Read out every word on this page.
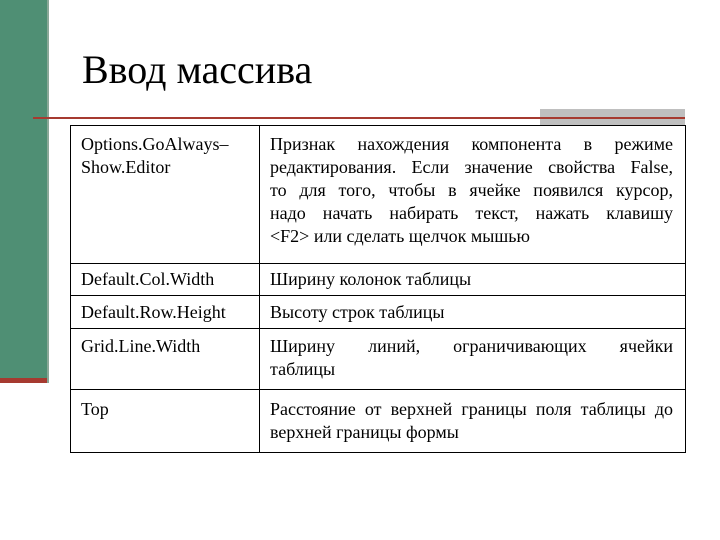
Ввод массива
Options.GoAlways–
Show.Editor	Признак нахождения компонента в режиме
редактирования. Если значение свойства False,
то для того, чтобы в ячейке появился курсор,
надо начать набирать текст, нажать клавишу
<F2> или сделать щелчок мышью

Default.Col.Width	Ширину колонок таблицы

Default.Row.Height	Высоту строк таблицы

Grid.Line.Width	Ширину линий, ограничивающих ячейки
таблицы

Top	Расстояние от верхней границы поля таблицы до
верхней границы формы
